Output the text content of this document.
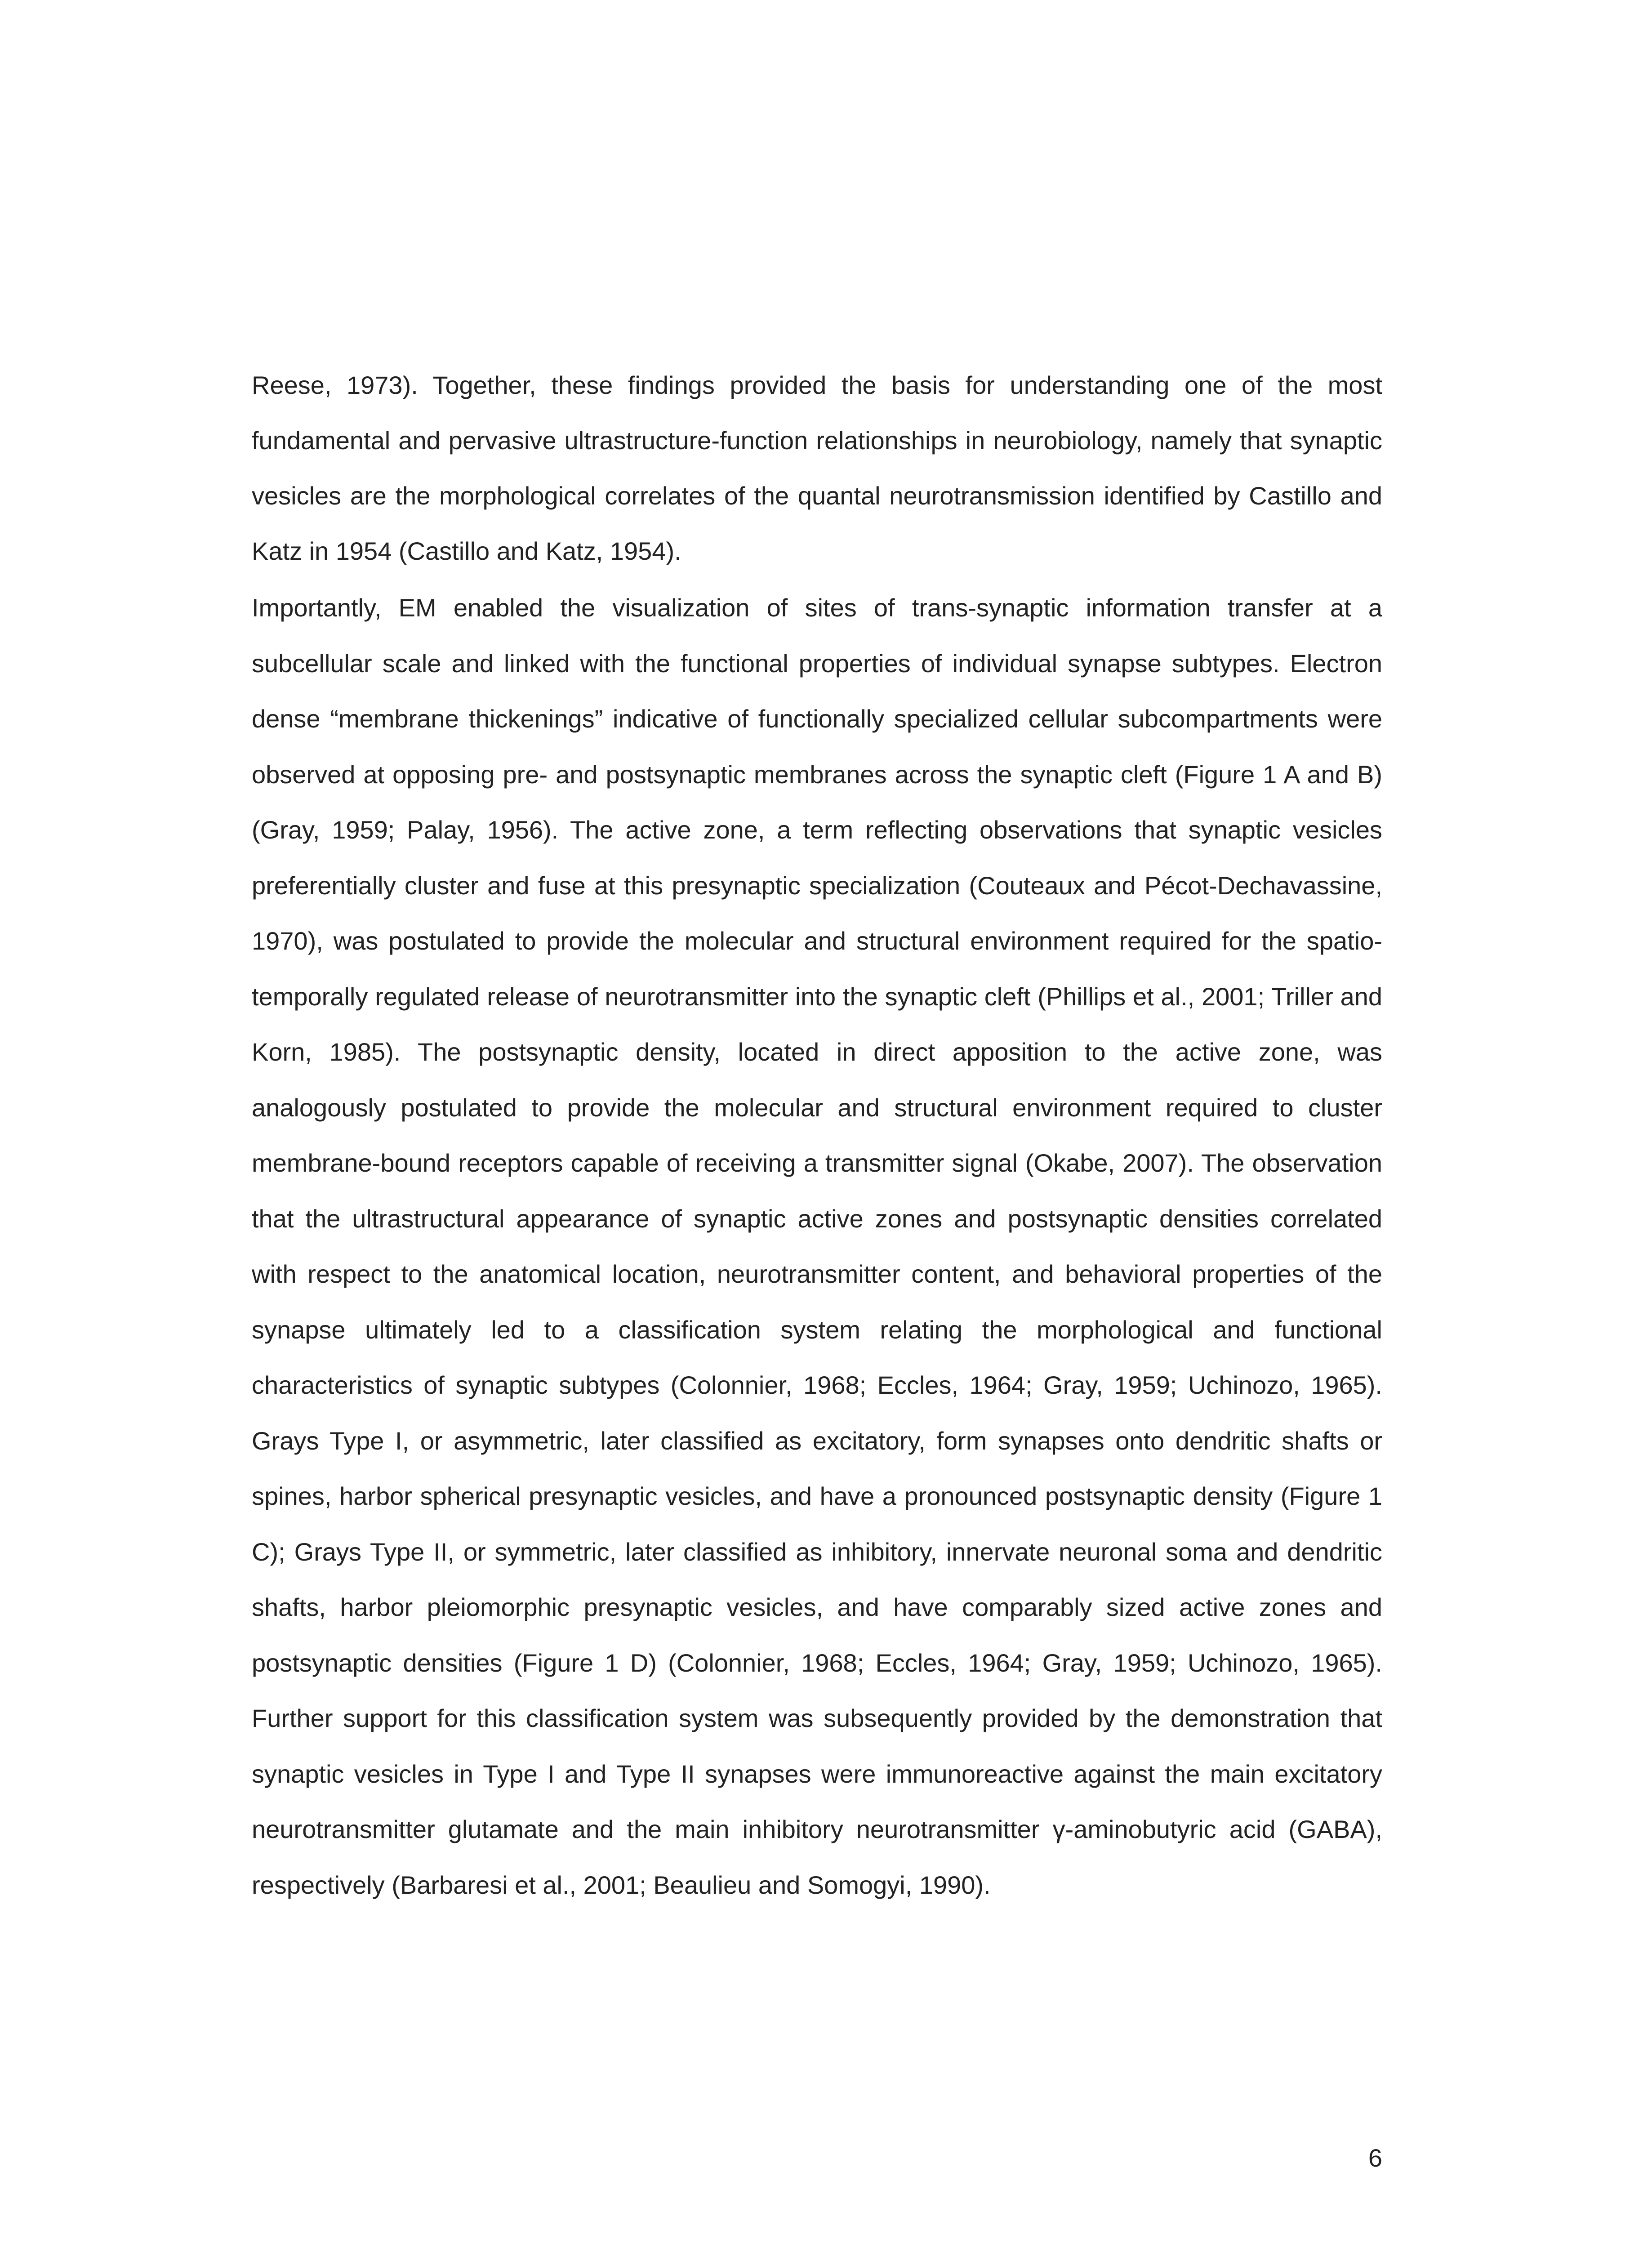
Reese, 1973). Together, these findings provided the basis for understanding one of the most fundamental and pervasive ultrastructure-function relationships in neurobiology, namely that synaptic vesicles are the morphological correlates of the quantal neurotransmission identified by Castillo and Katz in 1954 (Castillo and Katz, 1954).

Importantly, EM enabled the visualization of sites of trans-synaptic information transfer at a subcellular scale and linked with the functional properties of individual synapse subtypes. Electron dense “membrane thickenings” indicative of functionally specialized cellular subcompartments were observed at opposing pre- and postsynaptic membranes across the synaptic cleft (Figure 1 A and B) (Gray, 1959; Palay, 1956). The active zone, a term reflecting observations that synaptic vesicles preferentially cluster and fuse at this presynaptic specialization (Couteaux and Pécot-Dechavassine, 1970), was postulated to provide the molecular and structural environment required for the spatio-temporally regulated release of neurotransmitter into the synaptic cleft (Phillips et al., 2001; Triller and Korn, 1985). The postsynaptic density, located in direct apposition to the active zone, was analogously postulated to provide the molecular and structural environment required to cluster membrane-bound receptors capable of receiving a transmitter signal (Okabe, 2007). The observation that the ultrastructural appearance of synaptic active zones and postsynaptic densities correlated with respect to the anatomical location, neurotransmitter content, and behavioral properties of the synapse ultimately led to a classification system relating the morphological and functional characteristics of synaptic subtypes (Colonnier, 1968; Eccles, 1964; Gray, 1959; Uchinozo, 1965). Grays Type I, or asymmetric, later classified as excitatory, form synapses onto dendritic shafts or spines, harbor spherical presynaptic vesicles, and have a pronounced postsynaptic density (Figure 1 C); Grays Type II, or symmetric, later classified as inhibitory, innervate neuronal soma and dendritic shafts, harbor pleiomorphic presynaptic vesicles, and have comparably sized active zones and postsynaptic densities (Figure 1 D) (Colonnier, 1968; Eccles, 1964; Gray, 1959; Uchinozo, 1965). Further support for this classification system was subsequently provided by the demonstration that synaptic vesicles in Type I and Type II synapses were immunoreactive against the main excitatory neurotransmitter glutamate and the main inhibitory neurotransmitter γ-aminobutyric acid (GABA), respectively (Barbaresi et al., 2001; Beaulieu and Somogyi, 1990).

6
